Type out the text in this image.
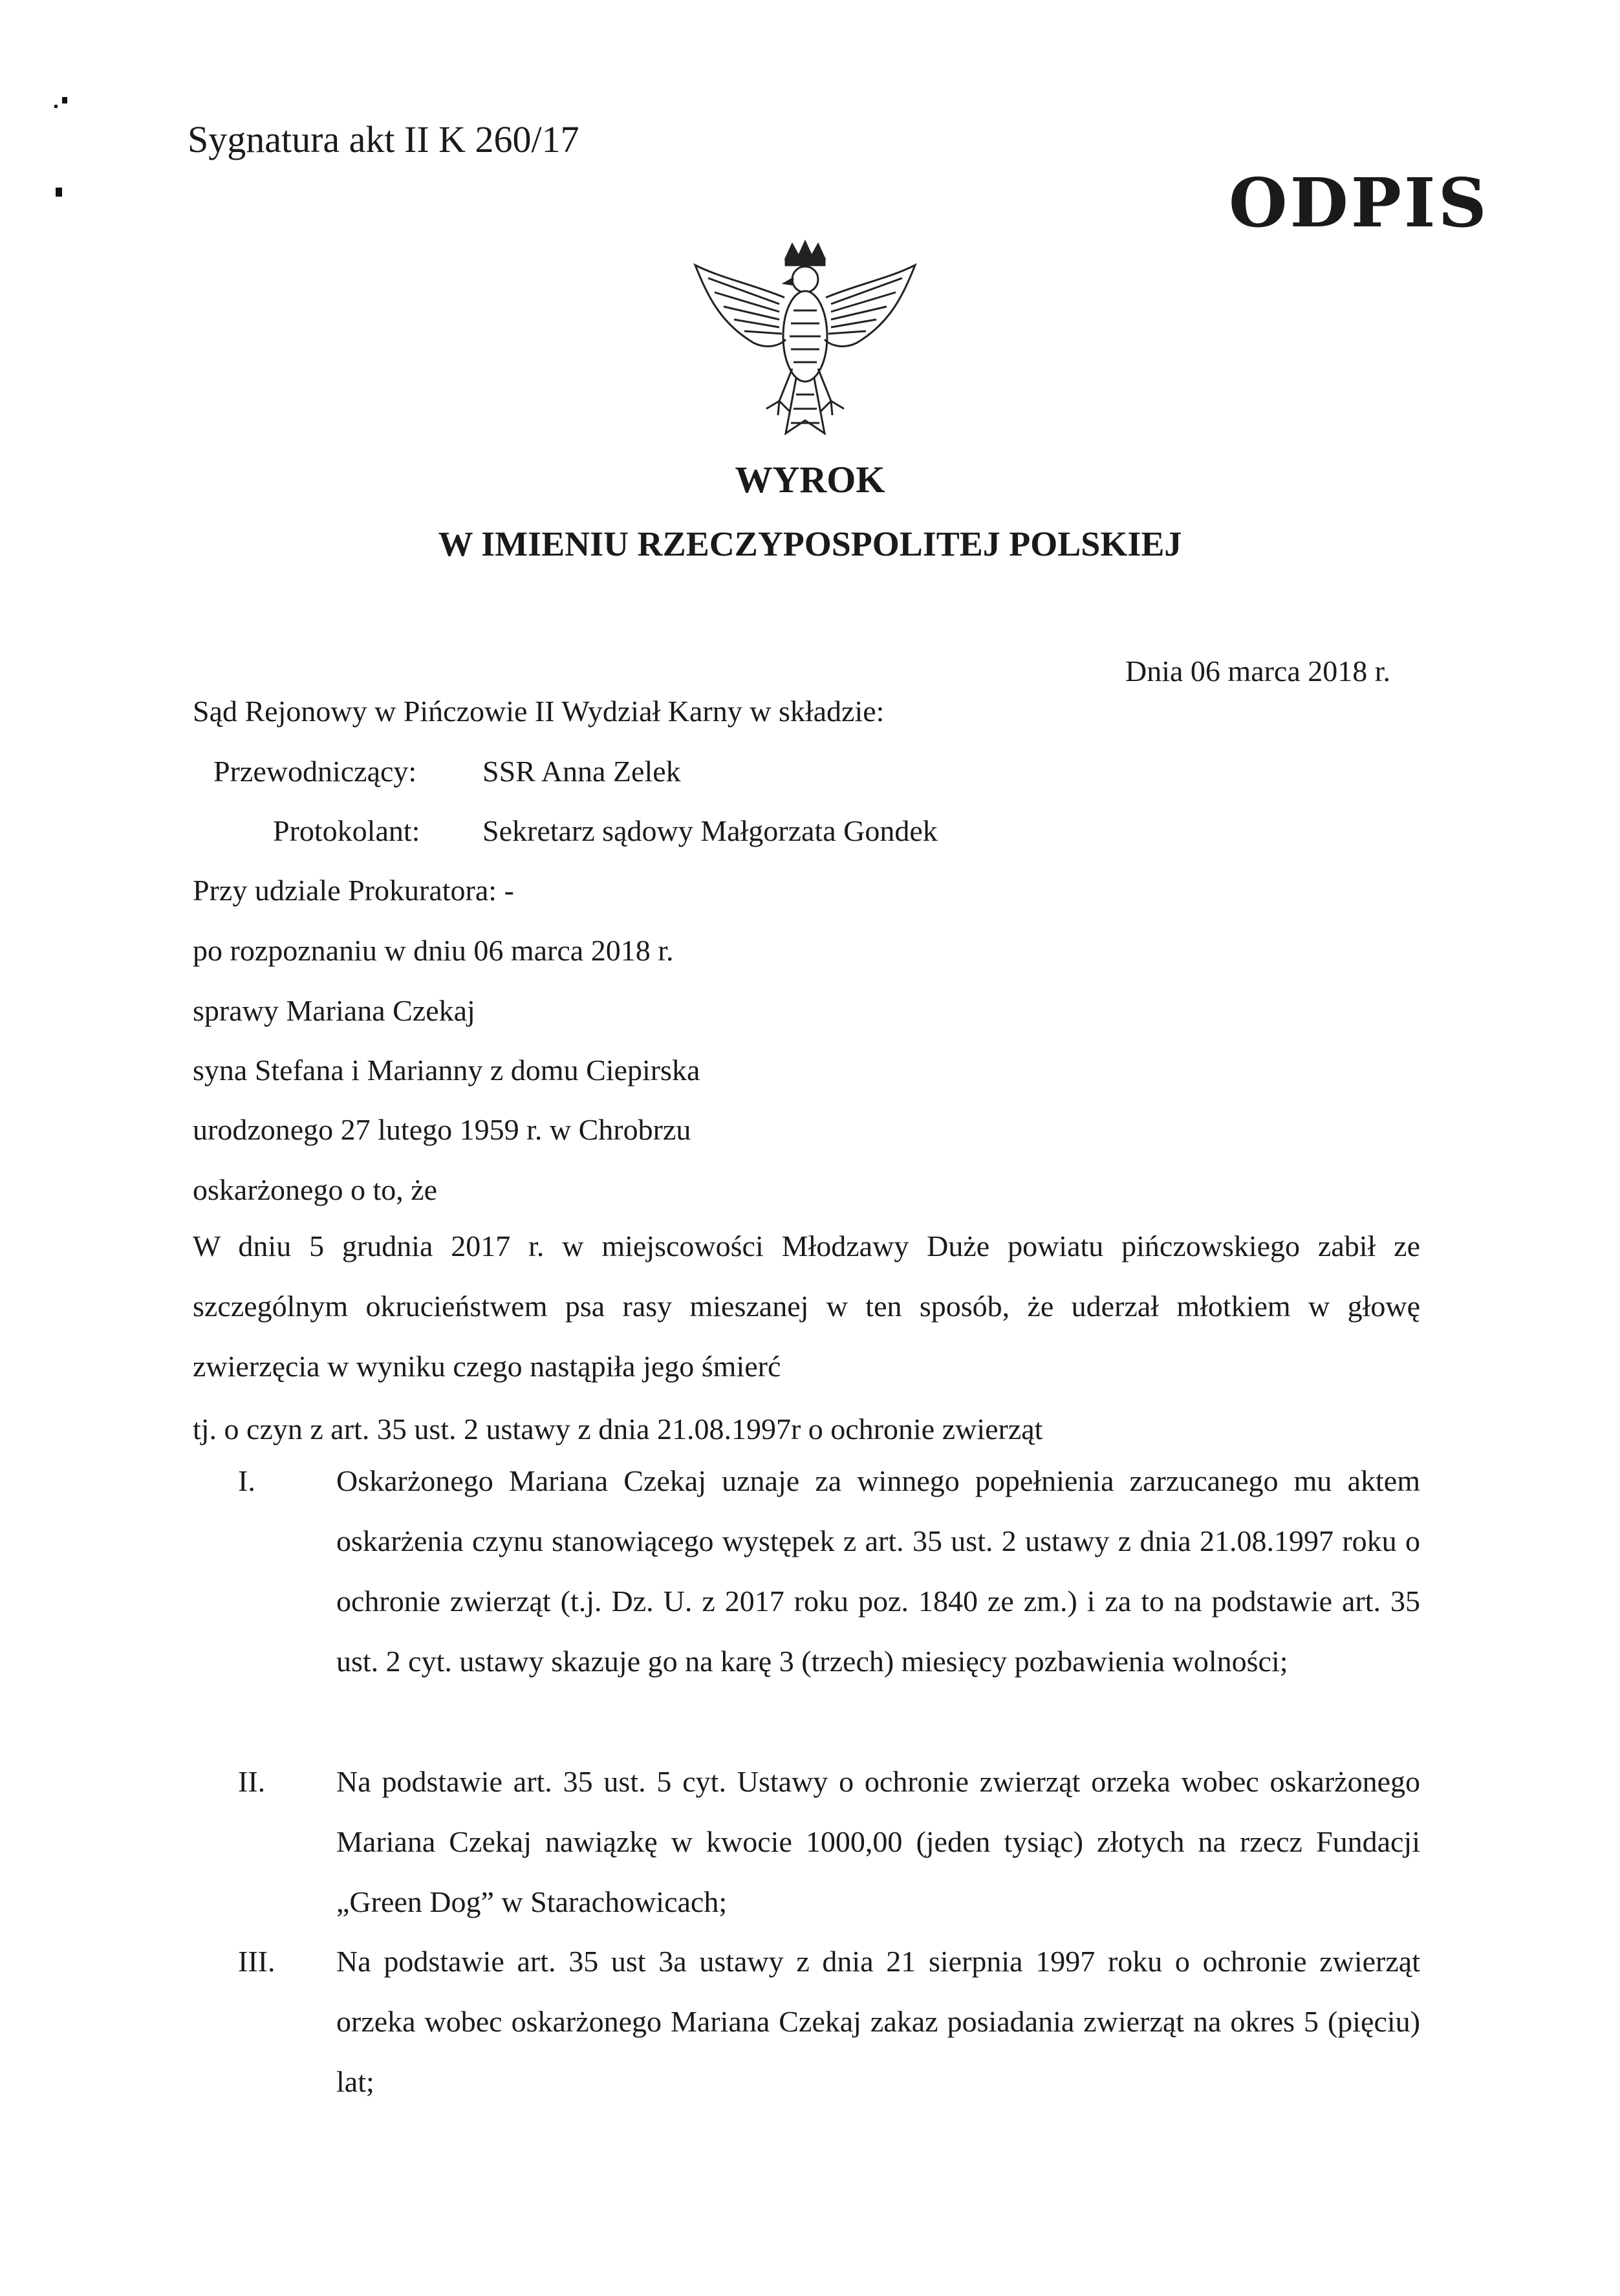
Sygnatura akt II K 260/17
ODPIS
WYROK
W IMIENIU RZECZYPOSPOLITEJ POLSKIEJ
Dnia 06 marca 2018 r.
Sąd Rejonowy w Pińczowie II Wydział Karny w składzie:
Przewodniczący: SSR Anna Zelek
Protokolant: Sekretarz sądowy Małgorzata Gondek
Przy udziale Prokuratora: -
po rozpoznaniu w dniu 06 marca 2018 r.
sprawy Mariana Czekaj
syna Stefana i Marianny z domu Ciepirska
urodzonego 27 lutego 1959 r. w Chrobrzu
oskarżonego o to, że
W dniu 5 grudnia 2017 r. w miejscowości Młodzawy Duże powiatu pińczowskiego zabił ze szczególnym okrucieństwem psa rasy mieszanej w ten sposób, że uderzał młotkiem w głowę zwierzęcia w wyniku czego nastąpiła jego śmierć
tj. o czyn z art. 35 ust. 2 ustawy z dnia 21.08.1997r o ochronie zwierząt
I.	Oskarżonego Mariana Czekaj uznaje za winnego popełnienia zarzucanego mu aktem oskarżenia czynu stanowiącego występek z art. 35 ust. 2 ustawy z dnia 21.08.1997 roku o ochronie zwierząt (t.j. Dz. U. z 2017 roku poz. 1840 ze zm.) i za to na podstawie art. 35 ust. 2 cyt. ustawy skazuje go na karę 3 (trzech) miesięcy pozbawienia wolności;
II. Na podstawie art. 35 ust. 5 cyt. Ustawy o ochronie zwierząt orzeka wobec oskarżonego Mariana Czekaj nawiązkę w kwocie 1000,00 (jeden tysiąc) złotych na rzecz Fundacji „Green Dog” w Starachowicach;
III. Na podstawie art. 35 ust 3a ustawy z dnia 21 sierpnia 1997 roku o ochronie zwierząt orzeka wobec oskarżonego Mariana Czekaj zakaz posiadania zwierząt na okres 5 (pięciu) lat;
